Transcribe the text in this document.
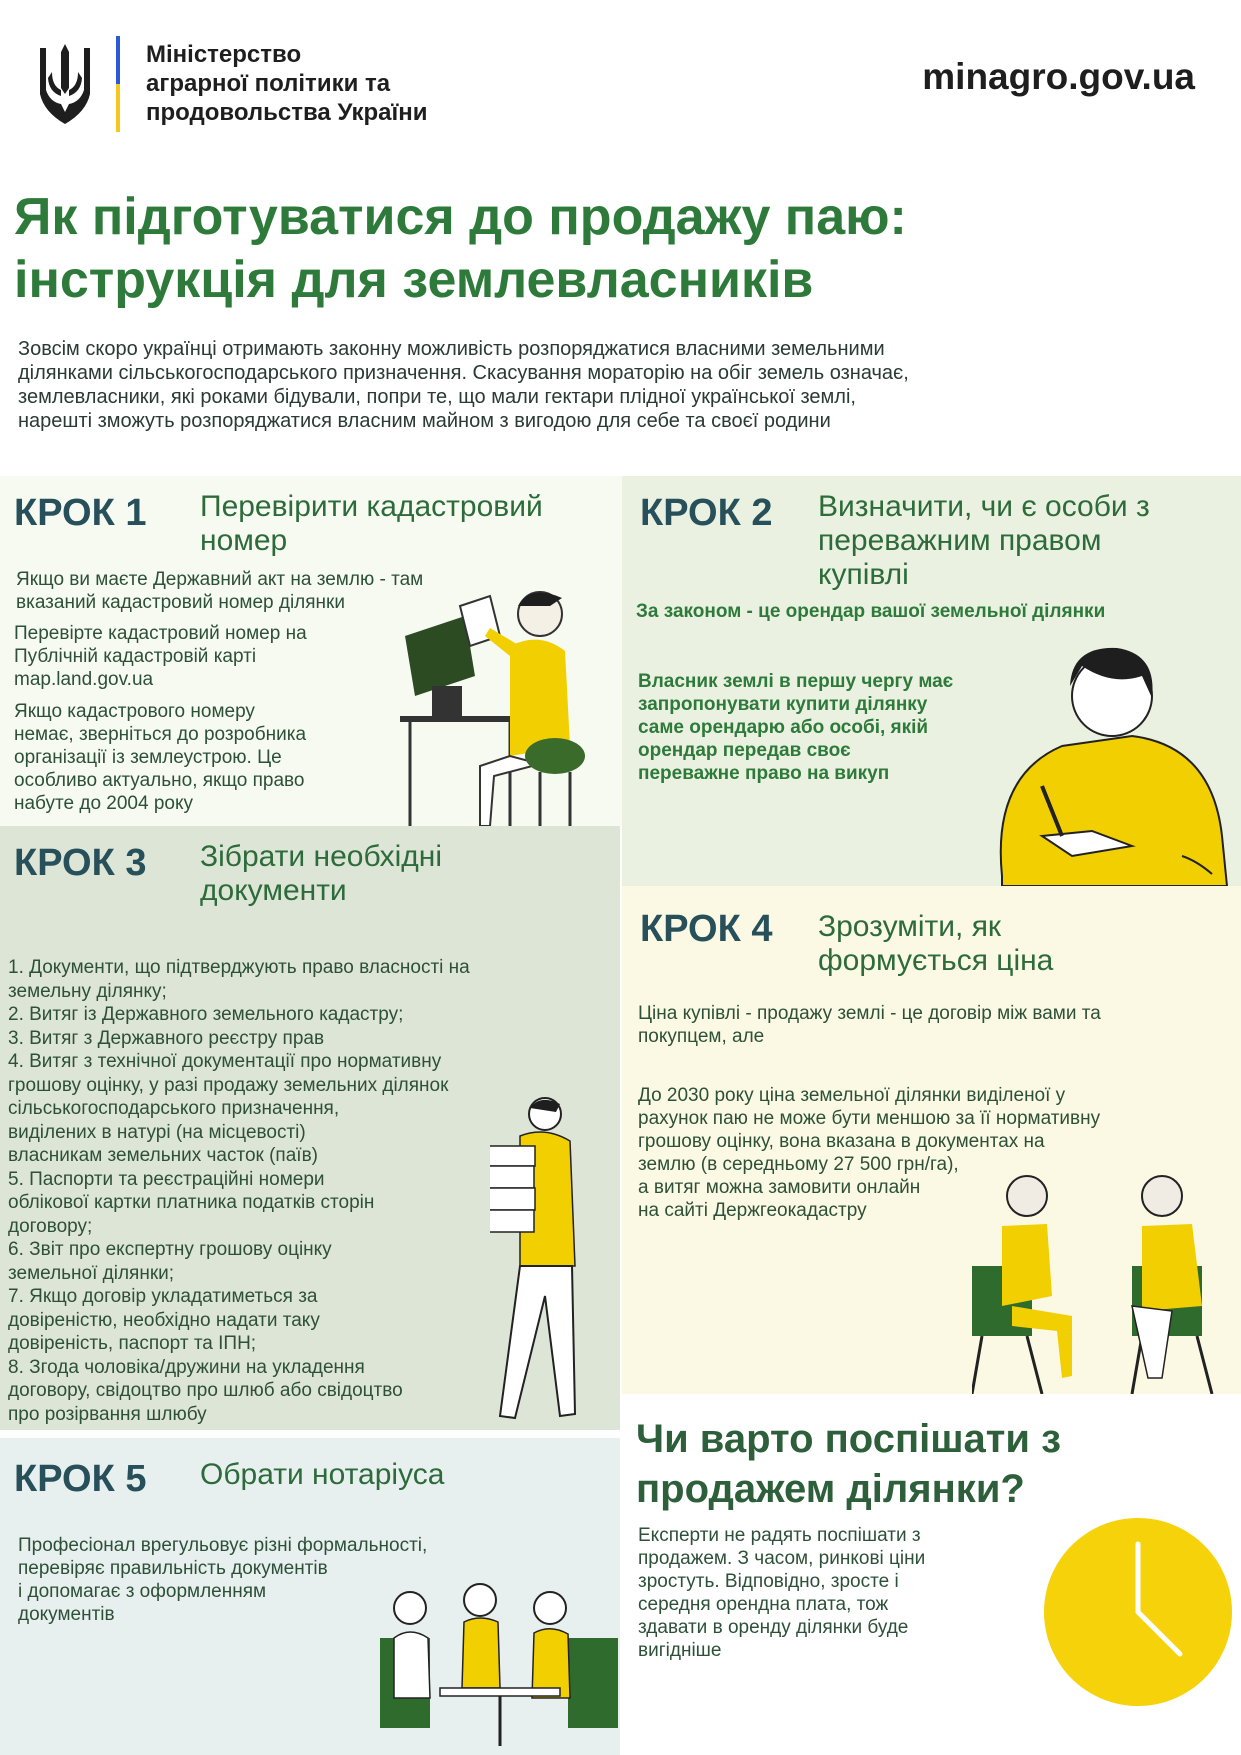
Міністерство
аграрної політики та
продовольства України
minagro.gov.ua
Як підготуватися до продажу паю:
інструкція для землевласників
Зовсім скоро українці отримають законну можливість розпоряджатися власними земельними
ділянками сільськогосподарського призначення. Скасування мораторію на обіг земель означає,
землевласники, які роками бідували, попри те, що мали гектари плідної української землі,
нарешті зможуть розпоряджатися власним майном з вигодою для себе та своєї родини
КРОК 1 Перевірити кадастровий
номер
Якщо ви маєте Державний акт на землю - там
вказаний кадастровий номер ділянки
Перевірте кадастровий номер на
Публічній кадастровій карті
map.land.gov.ua
Якщо кадастрового номеру
немає, зверніться до розробника
організації із землеустрою. Це
особливо актуально, якщо право
набуте до 2004 року
КРОК 2 Визначити, чи є особи з
переважним правом
купівлі
За законом - це орендар вашої земельної ділянки
Власник землі в першу чергу має
запропонувати купити ділянку
саме орендарю або особі, якій
орендар передав своє
переважне право на викуп
КРОК 3 Зібрати необхідні
документи
1. Документи, що підтверджують право власності на
земельну ділянку;
2. Витяг із Державного земельного кадастру;
3. Витяг з Державного реєстру прав
4. Витяг з технічної документації про нормативну
грошову оцінку, у разі продажу земельних ділянок
сільськогосподарського призначення,
виділених в натурі (на місцевості)
власникам земельних часток (паїв)
5. Паспорти та реєстраційні номери
облікової картки платника податків сторін
договору;
6. Звіт про експертну грошову оцінку
земельної ділянки;
7. Якщо договір укладатиметься за
довіреністю, необхідно надати таку
довіреність, паспорт та ІПН;
8. Згода чоловіка/дружини на укладення
договору, свідоцтво про шлюб або свідоцтво
про розірвання шлюбу
КРОК 4 Зрозуміти, як
формується ціна
Ціна купівлі - продажу землі - це договір між вами та
покупцем, але
До 2030 року ціна земельної ділянки виділеної у
рахунок паю не може бути меншою за її нормативну
грошову оцінку, вона вказана в документах на
землю (в середньому 27 500 грн/га),
а витяг можна замовити онлайн
на сайті Держгеокадастру
КРОК 5 Обрати нотаріуса
Професіонал врегульовує різні формальності,
перевіряє правильність документів
і допомагає з оформленням
документів
Чи варто поспішати з
продажем ділянки?
Експерти не радять поспішати з
продажем. З часом, ринкові ціни
зростуть. Відповідно, зросте і
середня орендна плата, тож
здавати в оренду ділянки буде
вигідніше
